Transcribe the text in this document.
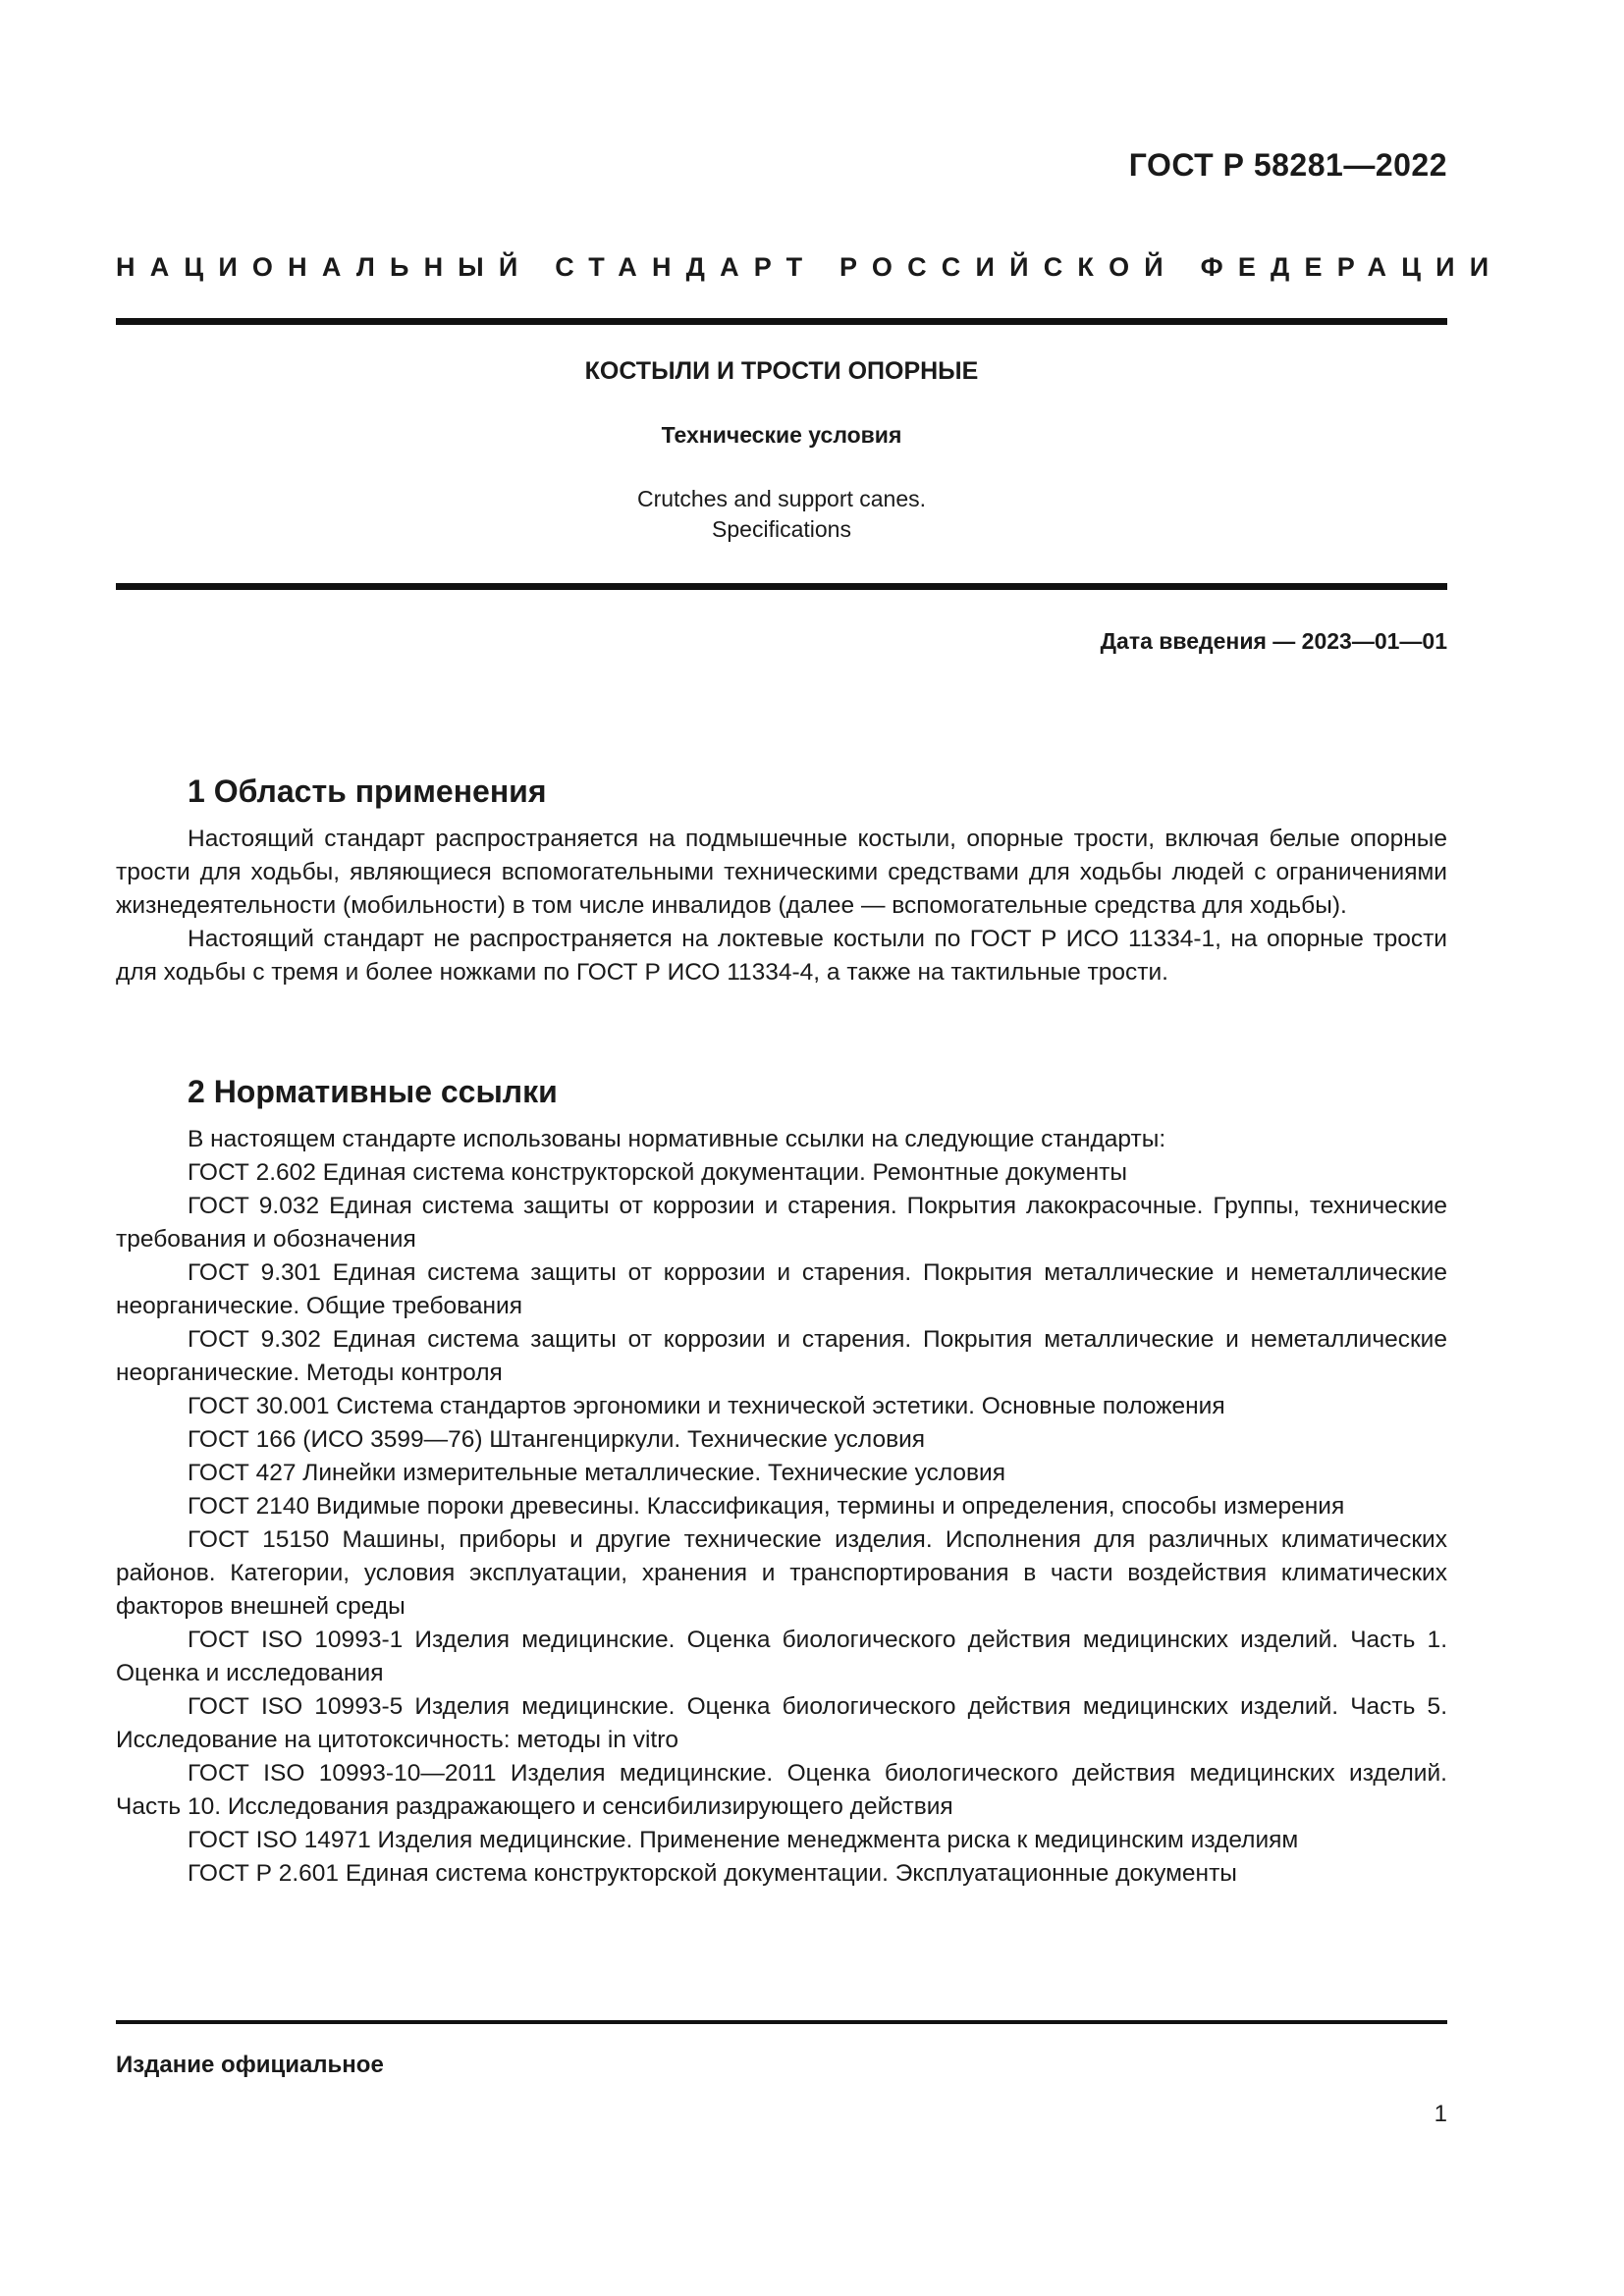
ГОСТ Р 58281—2022
НАЦИОНАЛЬНЫЙ СТАНДАРТ РОССИЙСКОЙ ФЕДЕРАЦИИ
КОСТЫЛИ И ТРОСТИ ОПОРНЫЕ
Технические условия
Crutches and support canes.
Specifications
Дата введения — 2023—01—01
1 Область применения

Настоящий стандарт распространяется на подмышечные костыли, опорные трости, включая белые опорные трости для ходьбы, являющиеся вспомогательными техническими средствами для ходьбы людей с ограничениями жизнедеятельности (мобильности) в том числе инвалидов (далее — вспомогательные средства для ходьбы).

Настоящий стандарт не распространяется на локтевые костыли по ГОСТ Р ИСО 11334-1, на опорные трости для ходьбы с тремя и более ножками по ГОСТ Р ИСО 11334-4, а также на тактильные трости.

2 Нормативные ссылки

В настоящем стандарте использованы нормативные ссылки на следующие стандарты:

ГОСТ 2.602 Единая система конструкторской документации. Ремонтные документы

ГОСТ 9.032 Единая система защиты от коррозии и старения. Покрытия лакокрасочные. Группы, технические требования и обозначения

ГОСТ 9.301 Единая система защиты от коррозии и старения. Покрытия металлические и неметаллические неорганические. Общие требования

ГОСТ 9.302 Единая система защиты от коррозии и старения. Покрытия металлические и неметаллические неорганические. Методы контроля

ГОСТ 30.001 Система стандартов эргономики и технической эстетики. Основные положения

ГОСТ 166 (ИСО 3599—76) Штангенциркули. Технические условия

ГОСТ 427 Линейки измерительные металлические. Технические условия

ГОСТ 2140 Видимые пороки древесины. Классификация, термины и определения, способы измерения

ГОСТ 15150 Машины, приборы и другие технические изделия. Исполнения для различных климатических районов. Категории, условия эксплуатации, хранения и транспортирования в части воздействия климатических факторов внешней среды

ГОСТ ISO 10993-1 Изделия медицинские. Оценка биологического действия медицинских изделий. Часть 1. Оценка и исследования

ГОСТ ISO 10993-5 Изделия медицинские. Оценка биологического действия медицинских изделий. Часть 5. Исследование на цитотоксичность: методы in vitro

ГОСТ ISO 10993-10—2011 Изделия медицинские. Оценка биологического действия медицинских изделий. Часть 10. Исследования раздражающего и сенсибилизирующего действия

ГОСТ ISO 14971 Изделия медицинские. Применение менеджмента риска к медицинским изделиям

ГОСТ Р 2.601 Единая система конструкторской документации. Эксплуатационные документы

Издание официальное
1
